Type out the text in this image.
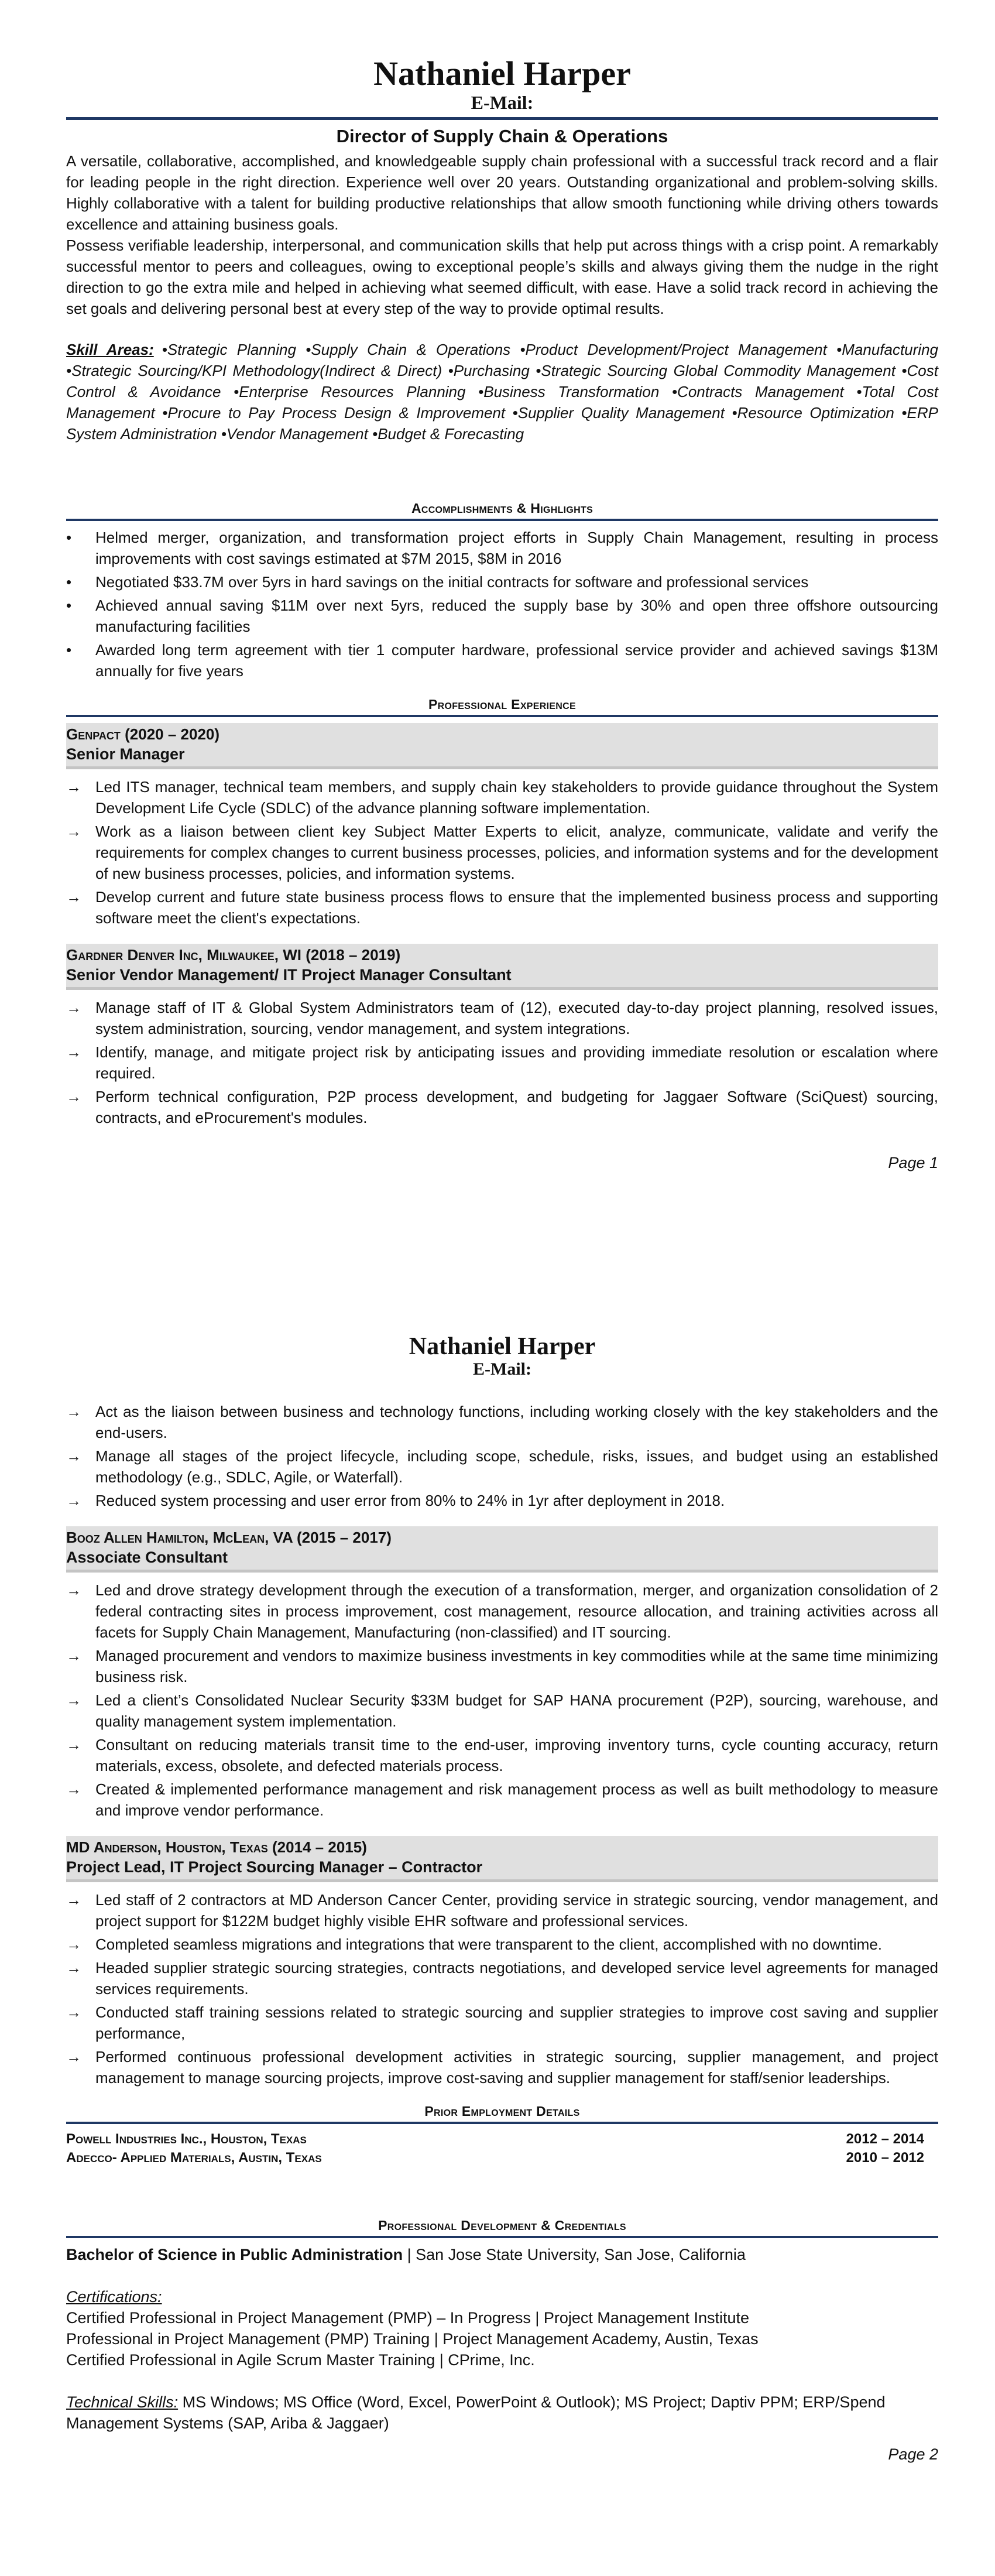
Nathaniel Harper
E-Mail:
Director of Supply Chain & Operations

A versatile, collaborative, accomplished, and knowledgeable supply chain professional with a successful track record and a flair for leading people in the right direction. Experience well over 20 years. Outstanding organizational and problem-solving skills. Highly collaborative with a talent for building productive relationships that allow smooth functioning while driving others towards excellence and attaining business goals.

Possess verifiable leadership, interpersonal, and communication skills that help put across things with a crisp point. A remarkably successful mentor to peers and colleagues, owing to exceptional people’s skills and always giving them the nudge in the right direction to go the extra mile and helped in achieving what seemed difficult, with ease. Have a solid track record in achieving the set goals and delivering personal best at every step of the way to provide optimal results.

Skill Areas: •Strategic Planning •Supply Chain & Operations •Product Development/Project Management •Manufacturing •Strategic Sourcing/KPI Methodology(Indirect & Direct) •Purchasing •Strategic Sourcing Global Commodity Management •Cost Control & Avoidance •Enterprise Resources Planning •Business Transformation •Contracts Management •Total Cost Management •Procure to Pay Process Design & Improvement •Supplier Quality Management •Resource Optimization •ERP System Administration •Vendor Management •Budget & Forecasting
Accomplishments & Highlights
•	Helmed merger, organization, and transformation project efforts in Supply Chain Management, resulting in process improvements with cost savings estimated at $7M 2015, $8M in 2016
•	Negotiated $33.7M over 5yrs in hard savings on the initial contracts for software and professional services
•	Achieved annual saving $11M over next 5yrs, reduced the supply base by 30% and open three offshore outsourcing manufacturing facilities
•	Awarded long term agreement with tier 1 computer hardware, professional service provider and achieved savings $13M annually for five years
Professional Experience
Genpact (2020 – 2020)
Senior Manager
→ Led ITS manager, technical team members, and supply chain key stakeholders to provide guidance throughout the System Development Life Cycle (SDLC) of the advance planning software implementation.
→ Work as a liaison between client key Subject Matter Experts to elicit, analyze, communicate, validate and verify the requirements for complex changes to current business processes, policies, and information systems and for the development of new business processes, policies, and information systems.
→ Develop current and future state business process flows to ensure that the implemented business process and supporting software meet the client's expectations.
Gardner Denver Inc, Milwaukee, WI (2018 – 2019)
Senior Vendor Management/ IT Project Manager Consultant
→ Manage staff of IT & Global System Administrators team of (12), executed day-to-day project planning, resolved issues, system administration, sourcing, vendor management, and system integrations.
→ Identify, manage, and mitigate project risk by anticipating issues and providing immediate resolution or escalation where required.
→ Perform technical configuration, P2P process development, and budgeting for Jaggaer Software (SciQuest) sourcing, contracts, and eProcurement's modules.
Page 1
Nathaniel Harper
E-Mail:
→ Act as the liaison between business and technology functions, including working closely with the key stakeholders and the end-users.
→ Manage all stages of the project lifecycle, including scope, schedule, risks, issues, and budget using an established methodology (e.g., SDLC, Agile, or Waterfall).
→ Reduced system processing and user error from 80% to 24% in 1yr after deployment in 2018.
Booz Allen Hamilton, McLean, VA (2015 – 2017)
Associate Consultant
→ Led and drove strategy development through the execution of a transformation, merger, and organization consolidation of 2 federal contracting sites in process improvement, cost management, resource allocation, and training activities across all facets for Supply Chain Management, Manufacturing (non-classified) and IT sourcing.
→ Managed procurement and vendors to maximize business investments in key commodities while at the same time minimizing business risk.
→ Led a client’s Consolidated Nuclear Security $33M budget for SAP HANA procurement (P2P), sourcing, warehouse, and quality management system implementation.
→ Consultant on reducing materials transit time to the end-user, improving inventory turns, cycle counting accuracy, return materials, excess, obsolete, and defected materials process.
→ Created & implemented performance management and risk management process as well as built methodology to measure and improve vendor performance.
MD Anderson, Houston, Texas (2014 – 2015)
Project Lead, IT Project Sourcing Manager – Contractor
→ Led staff of 2 contractors at MD Anderson Cancer Center, providing service in strategic sourcing, vendor management, and project support for $122M budget highly visible EHR software and professional services.
→ Completed seamless migrations and integrations that were transparent to the client, accomplished with no downtime.
→ Headed supplier strategic sourcing strategies, contracts negotiations, and developed service level agreements for managed services requirements.
→ Conducted staff training sessions related to strategic sourcing and supplier strategies to improve cost saving and supplier performance,
→ Performed continuous professional development activities in strategic sourcing, supplier management, and project management to manage sourcing projects, improve cost-saving and supplier management for staff/senior leaderships.
Prior Employment Details
Powell Industries Inc., Houston, Texas	2012 – 2014
Adecco- Applied Materials, Austin, Texas	2010 – 2012
Professional Development & Credentials
Bachelor of Science in Public Administration | San Jose State University, San Jose, California
Certifications:
Certified Professional in Project Management (PMP) – In Progress | Project Management Institute
Professional in Project Management (PMP) Training | Project Management Academy, Austin, Texas
Certified Professional in Agile Scrum Master Training | CPrime, Inc.
Technical Skills: MS Windows; MS Office (Word, Excel, PowerPoint & Outlook); MS Project; Daptiv PPM; ERP/Spend Management Systems (SAP, Ariba & Jaggaer)
Page 2
